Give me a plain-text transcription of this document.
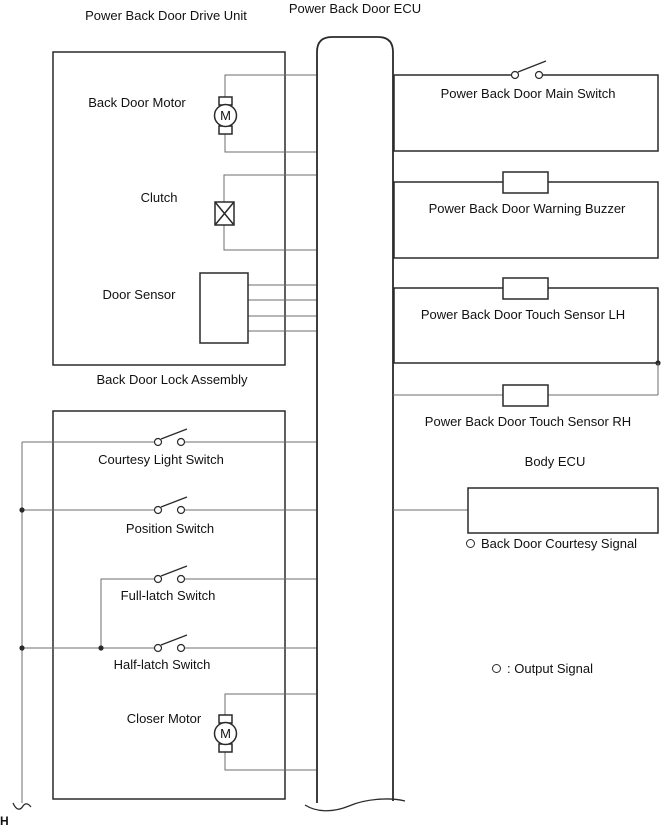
M
M
Power Back Door Drive Unit	Power Back Door ECU
Back Door Motor
Clutch
Door Sensor
Back Door Lock Assembly
Courtesy Light Switch
Position Switch
Full-latch Switch
Half-latch Switch
Closer Motor
Power Back Door Main Switch
Power Back Door Warning Buzzer
Power Back Door Touch Sensor LH
Power Back Door Touch Sensor RH
Body ECU
Back Door Courtesy Signal
: Output Signal
H
